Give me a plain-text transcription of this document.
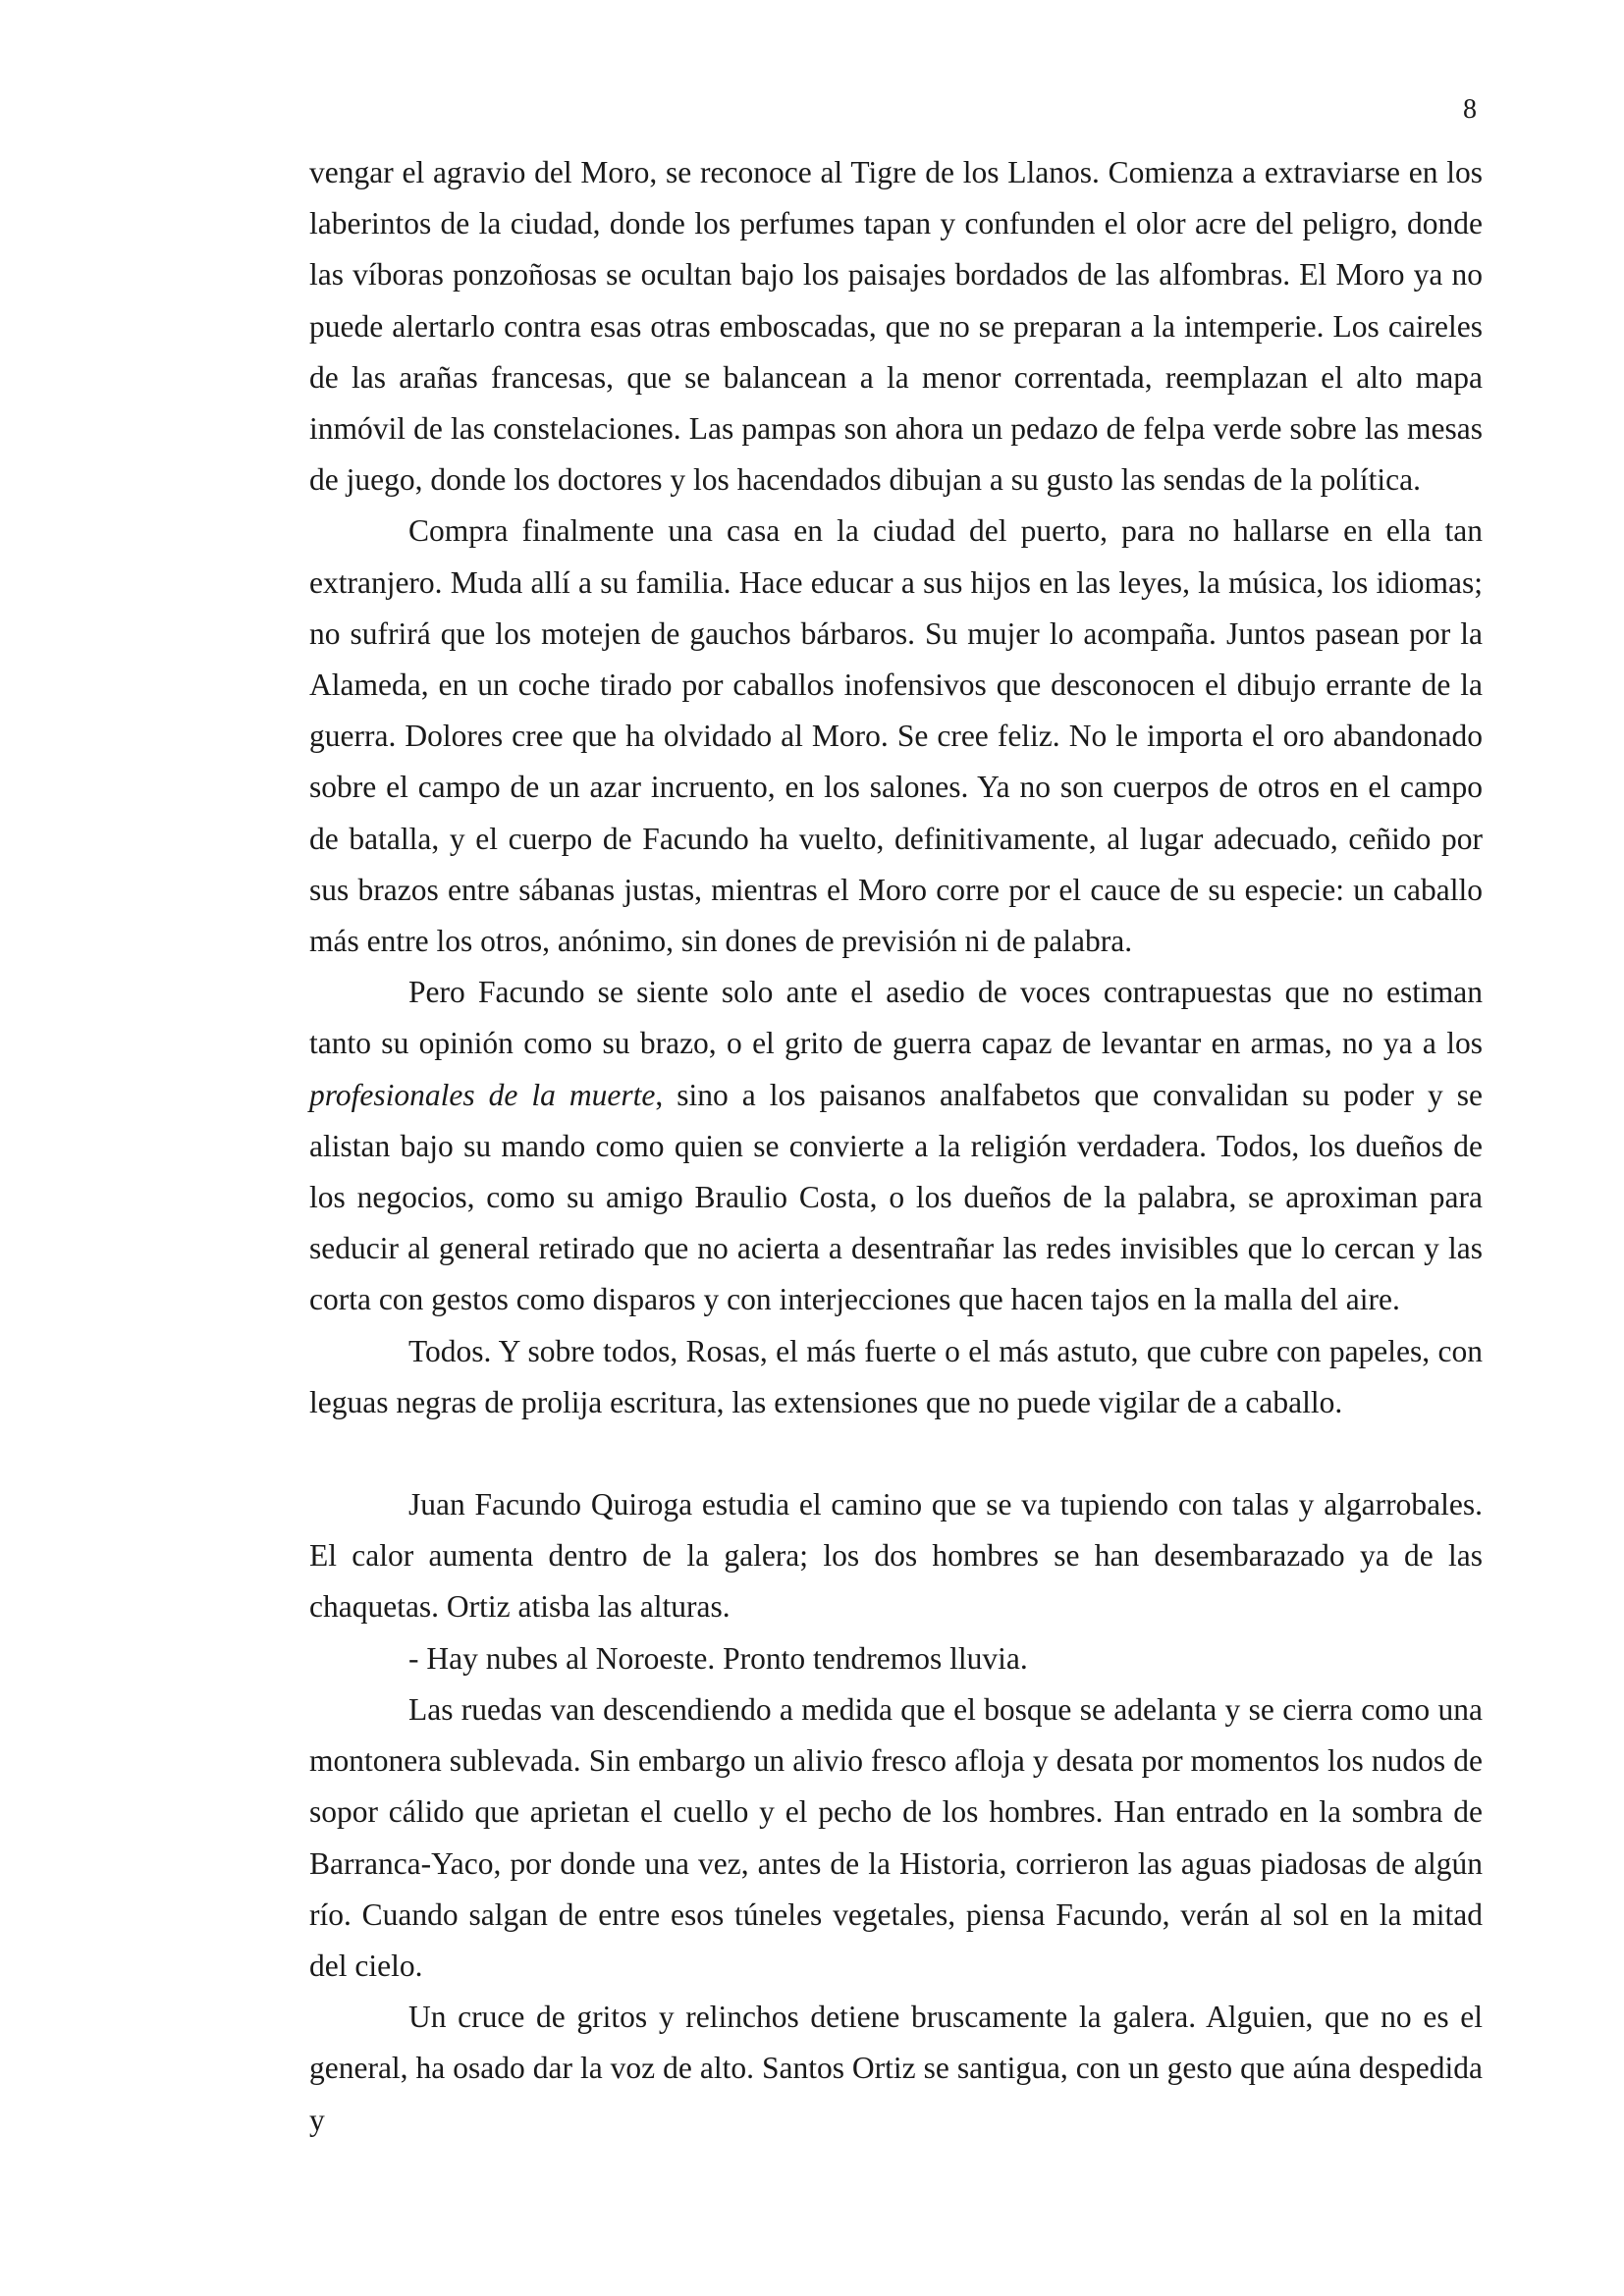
8

vengar el agravio del Moro, se reconoce al Tigre de los Llanos. Comienza a extraviarse en los laberintos de la ciudad, donde los perfumes tapan y confunden el olor acre del peligro, donde las víboras ponzoñosas se ocultan bajo los paisajes bordados de las alfombras. El Moro ya no puede alertarlo contra esas otras emboscadas, que no se preparan a la intemperie. Los caireles de las arañas francesas, que se balancean a la menor correntada, reemplazan el alto mapa inmóvil de las constelaciones. Las pampas son ahora un pedazo de felpa verde sobre las mesas de juego, donde los doctores y los hacendados dibujan a su gusto las sendas de la política.

Compra finalmente una casa en la ciudad del puerto, para no hallarse en ella tan extranjero. Muda allí a su familia. Hace educar a sus hijos en las leyes, la música, los idiomas; no sufrirá que los motejen de gauchos bárbaros. Su mujer lo acompaña. Juntos pasean por la Alameda, en un coche tirado por caballos inofensivos que desconocen el dibujo errante de la guerra. Dolores cree que ha olvidado al Moro. Se cree feliz. No le importa el oro abandonado sobre el campo de un azar incruento, en los salones. Ya no son cuerpos de otros en el campo de batalla, y el cuerpo de Facundo ha vuelto, definitivamente, al lugar adecuado, ceñido por sus brazos entre sábanas justas, mientras el Moro corre por el cauce de su especie: un caballo más entre los otros, anónimo, sin dones de previsión ni de palabra.

Pero Facundo se siente solo ante el asedio de voces contrapuestas que no estiman tanto su opinión como su brazo, o el grito de guerra capaz de levantar en armas, no ya a los profesionales de la muerte, sino a los paisanos analfabetos que convalidan su poder y se alistan bajo su mando como quien se convierte a la religión verdadera. Todos, los dueños de los negocios, como su amigo Braulio Costa, o los dueños de la palabra, se aproximan para seducir al general retirado que no acierta a desentrañar las redes invisibles que lo cercan y las corta con gestos como disparos y con interjecciones que hacen tajos en la malla del aire.

Todos. Y sobre todos, Rosas, el más fuerte o el más astuto, que cubre con papeles, con leguas negras de prolija escritura, las extensiones que no puede vigilar de a caballo.

Juan Facundo Quiroga estudia el camino que se va tupiendo con talas y algarrobales. El calor aumenta dentro de la galera; los dos hombres se han desembarazado ya de las chaquetas. Ortiz atisba las alturas.

- Hay nubes al Noroeste. Pronto tendremos lluvia.

Las ruedas van descendiendo a medida que el bosque se adelanta y se cierra como una montonera sublevada. Sin embargo un alivio fresco afloja y desata por momentos los nudos de sopor cálido que aprietan el cuello y el pecho de los hombres. Han entrado en la sombra de Barranca-Yaco, por donde una vez, antes de la Historia, corrieron las aguas piadosas de algún río. Cuando salgan de entre esos túneles vegetales, piensa Facundo, verán al sol en la mitad del cielo.

Un cruce de gritos y relinchos detiene bruscamente la galera. Alguien, que no es el general, ha osado dar la voz de alto. Santos Ortiz se santigua, con un gesto que aúna despedida y
